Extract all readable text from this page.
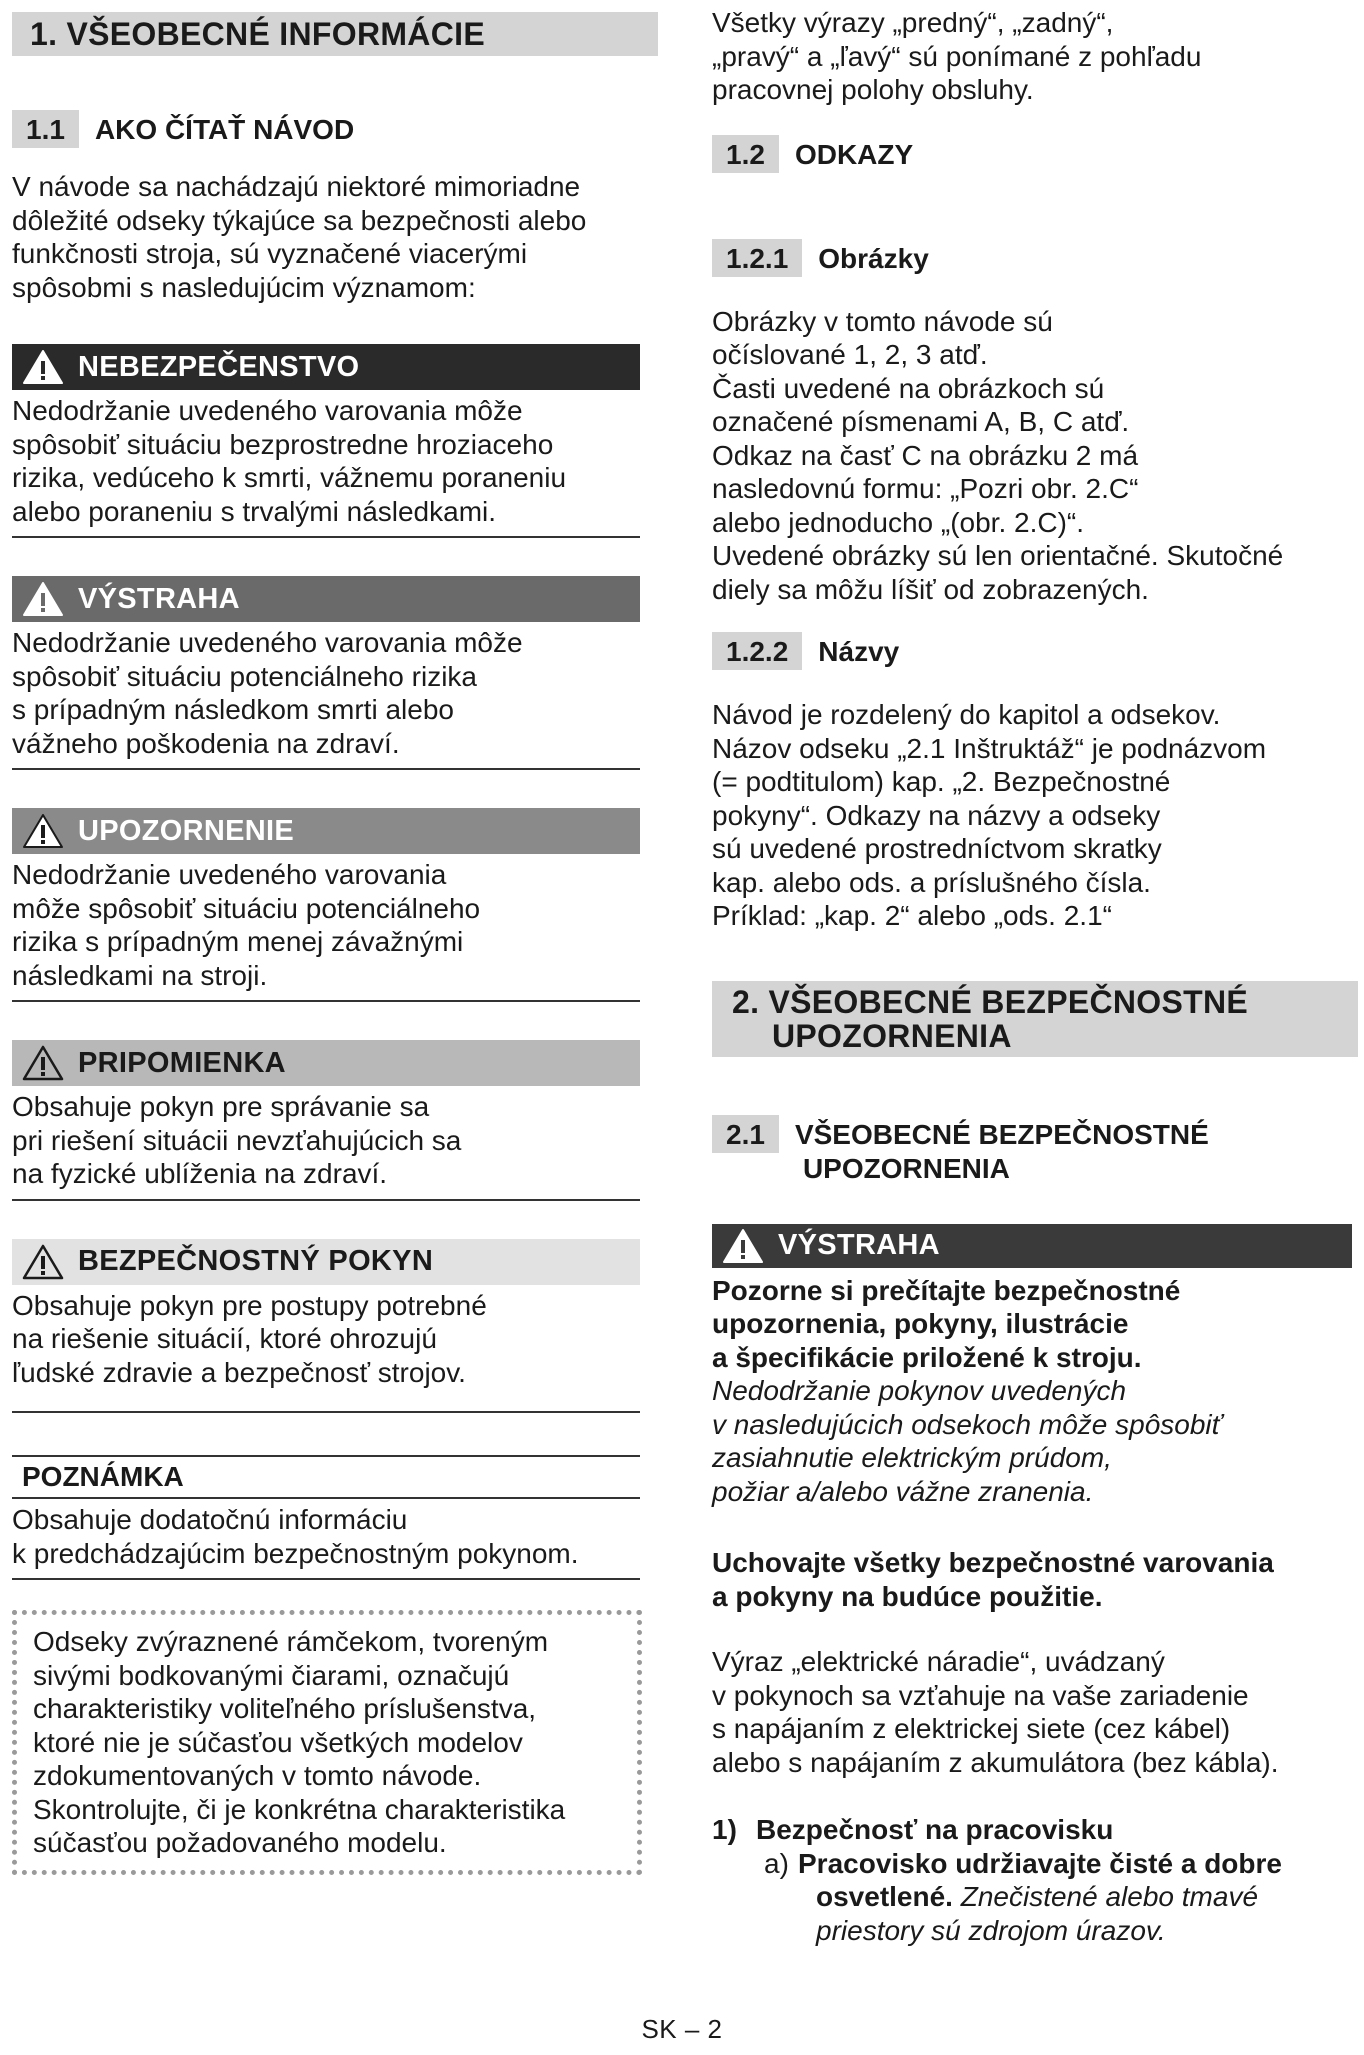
1. VŠEOBECNÉ INFORMÁCIE
1.1	AKO ČÍTAŤ NÁVOD

V návode sa nachádzajú niektoré mimoriadne

dôležité odseky týkajúce sa bezpečnosti alebo

funkčnosti stroja, sú vyznačené viacerými

spôsobmi s nasledujúcim významom:

NEBEZPEČENSTVO

Nedodržanie uvedeného varovania môže

spôsobiť situáciu bezprostredne hroziaceho

rizika, vedúceho k smrti, vážnemu poraneniu

alebo poraneniu s trvalými následkami.

VÝSTRAHA

Nedodržanie uvedeného varovania môže

spôsobiť situáciu potenciálneho rizika

s prípadným následkom smrti alebo

vážneho poškodenia na zdraví.

UPOZORNENIE

Nedodržanie uvedeného varovania

môže spôsobiť situáciu potenciálneho

rizika s prípadným menej závažnými

následkami na stroji.

PRIPOMIENKA

Obsahuje pokyn pre správanie sa

pri riešení situácii nevzťahujúcich sa

na fyzické ublíženia na zdraví.

BEZPEČNOSTNÝ POKYN

Obsahuje pokyn pre postupy potrebné

na riešenie situácií, ktoré ohrozujú

ľudské zdravie a bezpečnosť strojov.

POZNÁMKA

Obsahuje dodatočnú informáciu

k predchádzajúcim bezpečnostným pokynom.

Odseky zvýraznené rámčekom, tvoreným

sivými bodkovanými čiarami, označujú

charakteristiky voliteľného príslušenstva,

ktoré nie je súčasťou všetkých modelov

zdokumentovaných v tomto návode.

Skontrolujte, či je konkrétna charakteristika

súčasťou požadovaného modelu.

Všetky výrazy „predný“, „zadný“,

„pravý“ a „ľavý“ sú ponímané z pohľadu

pracovnej polohy obsluhy.

1.2	ODKAZY
1.2.1	Obrázky

Obrázky v tomto návode sú

očíslované 1, 2, 3 atď.

Časti uvedené na obrázkoch sú

označené písmenami A, B, C atď.

Odkaz na časť C na obrázku 2 má

nasledovnú formu: „Pozri obr. 2.C“

alebo jednoducho „(obr. 2.C)“.

Uvedené obrázky sú len orientačné. Skutočné

diely sa môžu líšiť od zobrazených.

1.2.2	Názvy

Návod je rozdelený do kapitol a odsekov.

Názov odseku „2.1 Inštruktáž“ je podnázvom

(= podtitulom) kap. „2. Bezpečnostné

pokyny“. Odkazy na názvy a odseky

sú uvedené prostredníctvom skratky

kap. alebo ods. a príslušného čísla.

Príklad: „kap. 2“ alebo „ods. 2.1“

2. VŠEOBECNÉ BEZPEČNOSTNÉ
UPOZORNENIA
2.1	VŠEOBECNÉ BEZPEČNOSTNÉ
UPOZORNENIA
VÝSTRAHA

Pozorne si prečítajte bezpečnostné

upozornenia, pokyny, ilustrácie

a špecifikácie priložené k stroju.

Nedodržanie pokynov uvedených

v nasledujúcich odsekoch môže spôsobiť

zasiahnutie elektrickým prúdom,

požiar a/alebo vážne zranenia.

Uchovajte všetky bezpečnostné varovania

a pokyny na budúce použitie.

Výraz „elektrické náradie“, uvádzaný

v pokynoch sa vzťahuje na vaše zariadenie

s napájaním z elektrickej siete (cez kábel)

alebo s napájaním z akumulátora (bez kábla).

1) Bezpečnosť na pracovisku
a) Pracovisko udržiavajte čisté a dobre
osvetlené. Znečistené alebo tmavé
priestory sú zdrojom úrazov.
SK – 2
